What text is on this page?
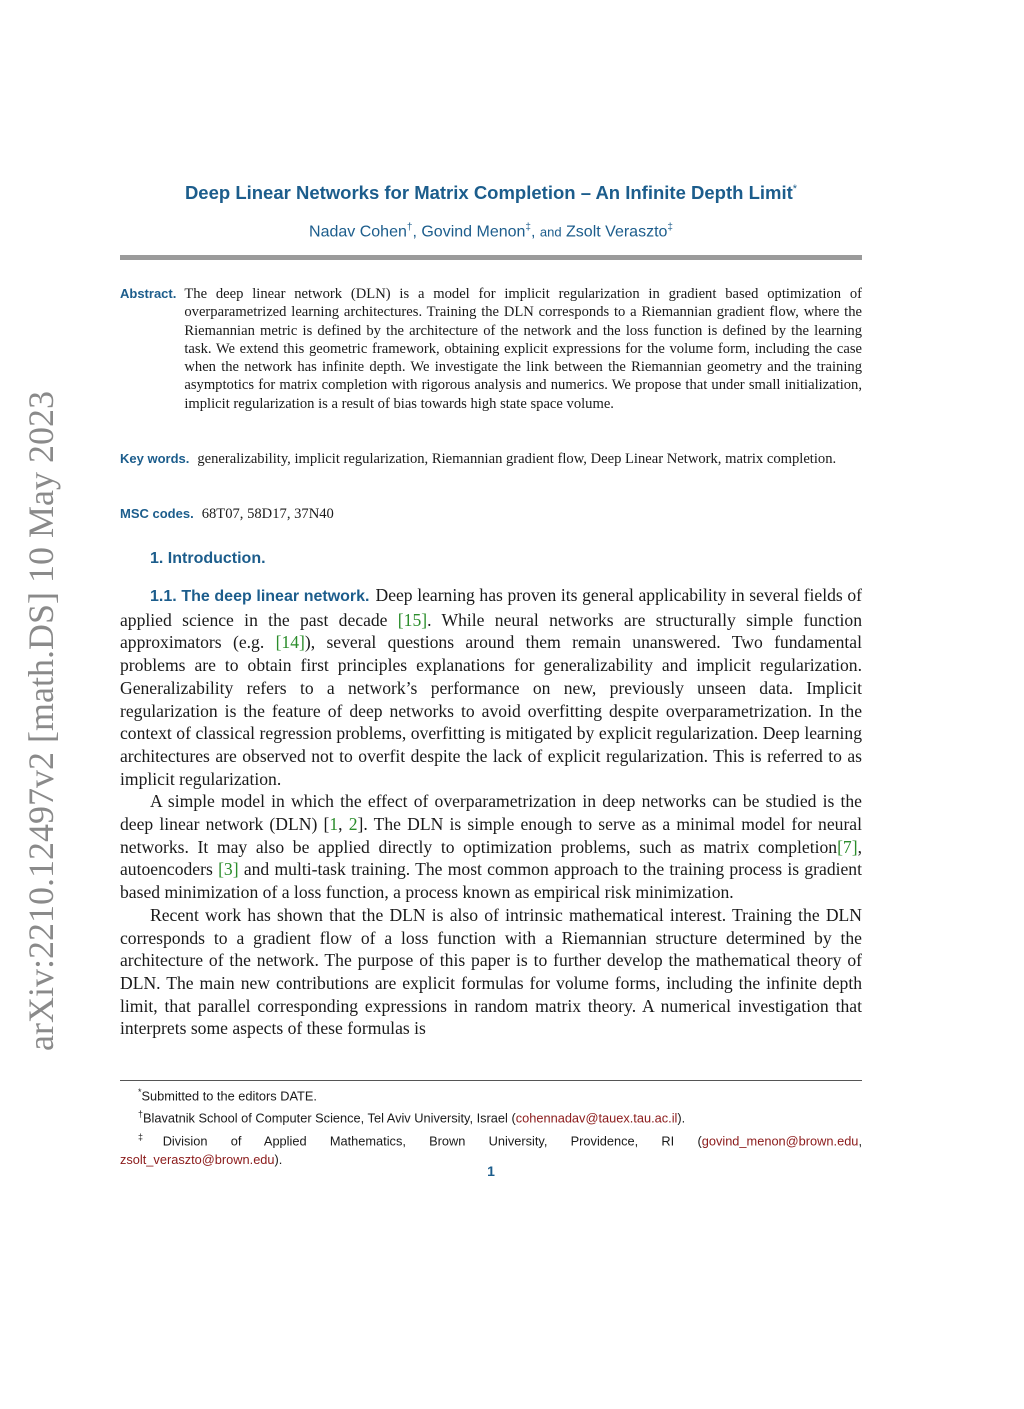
arXiv:2210.12497v2 [math.DS] 10 May 2023
Deep Linear Networks for Matrix Completion – An Infinite Depth Limit*
Nadav Cohen†, Govind Menon‡, and Zsolt Veraszto‡
Abstract. The deep linear network (DLN) is a model for implicit regularization in gradient based optimization of overparametrized learning architectures. Training the DLN corresponds to a Riemannian gradient flow, where the Riemannian metric is defined by the architecture of the network and the loss function is defined by the learning task. We extend this geometric framework, obtaining explicit expressions for the volume form, including the case when the network has infinite depth. We investigate the link between the Riemannian geometry and the training asymptotics for matrix completion with rigorous analysis and numerics. We propose that under small initialization, implicit regularization is a result of bias towards high state space volume.
Key words. generalizability, implicit regularization, Riemannian gradient flow, Deep Linear Network, matrix completion.
MSC codes. 68T07, 58D17, 37N40
1. Introduction.

1.1. The deep linear network. Deep learning has proven its general applicability in several fields of applied science in the past decade [15]. While neural networks are structurally simple function approximators (e.g. [14]), several questions around them remain unanswered. Two fundamental problems are to obtain first principles explanations for generalizability and implicit regularization. Generalizability refers to a network’s performance on new, previously unseen data. Implicit regularization is the feature of deep networks to avoid overfitting despite overparametrization. In the context of classical regression problems, overfitting is mitigated by explicit regularization. Deep learning architectures are observed not to overfit despite the lack of explicit regularization. This is referred to as implicit regularization.

A simple model in which the effect of overparametrization in deep networks can be studied is the deep linear network (DLN) [1, 2]. The DLN is simple enough to serve as a minimal model for neural networks. It may also be applied directly to optimization problems, such as matrix completion[7], autoencoders [3] and multi-task training. The most common approach to the training process is gradient based minimization of a loss function, a process known as empirical risk minimization.

Recent work has shown that the DLN is also of intrinsic mathematical interest. Training the DLN corresponds to a gradient flow of a loss function with a Riemannian structure determined by the architecture of the network. The purpose of this paper is to further develop the mathematical theory of DLN. The main new contributions are explicit formulas for volume forms, including the infinite depth limit, that parallel corresponding expressions in random matrix theory. A numerical investigation that interprets some aspects of these formulas is

*Submitted to the editors DATE.

†Blavatnik School of Computer Science, Tel Aviv University, Israel (cohennadav@tauex.tau.ac.il).

‡Division of Applied Mathematics, Brown University, Providence, RI (govind_menon@brown.edu,

zsolt_veraszto@brown.edu).

1
